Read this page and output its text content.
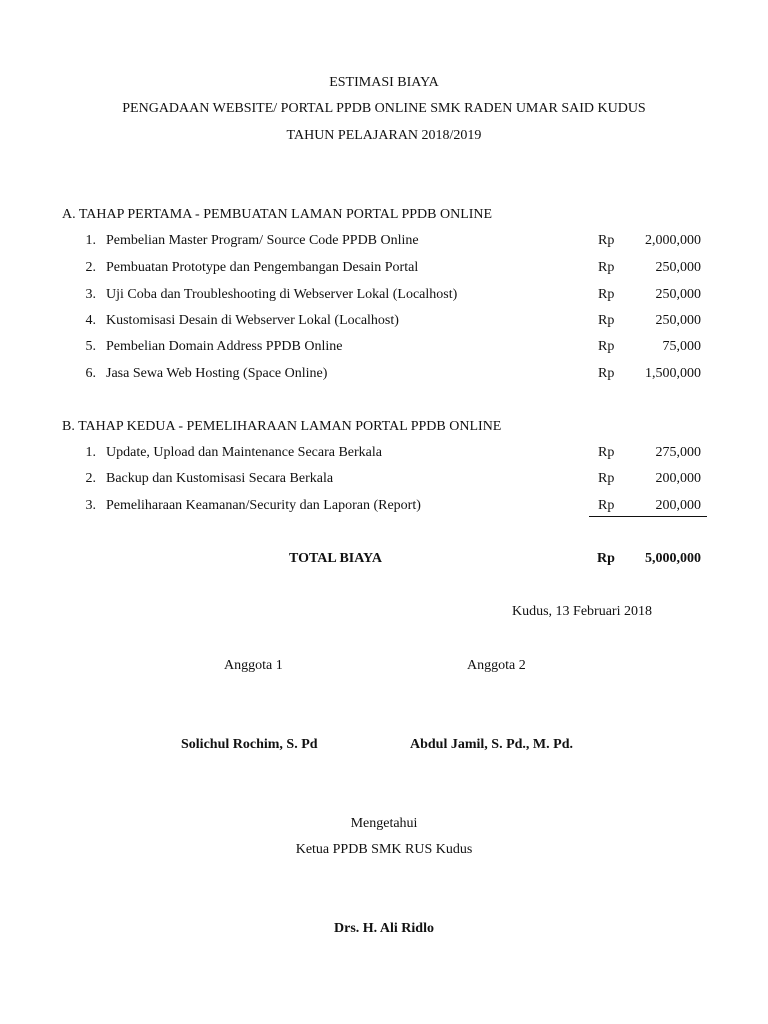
ESTIMASI BIAYA
PENGADAAN WEBSITE/ PORTAL PPDB ONLINE SMK RADEN UMAR SAID KUDUS
TAHUN PELAJARAN 2018/2019
A. TAHAP PERTAMA - PEMBUATAN LAMAN PORTAL PPDB ONLINE
1. Pembelian Master Program/ Source Code PPDB Online	Rp	2,000,000
2. Pembuatan Prototype dan Pengembangan Desain Portal	Rp	250,000
3. Uji Coba dan Troubleshooting di Webserver Lokal (Localhost)	Rp	250,000
4. Kustomisasi Desain di Webserver Lokal (Localhost)	Rp	250,000
5. Pembelian Domain Address PPDB Online	Rp	75,000
6. Jasa Sewa Web Hosting (Space Online)	Rp	1,500,000
B. TAHAP KEDUA - PEMELIHARAAN LAMAN PORTAL PPDB ONLINE
1. Update, Upload dan Maintenance Secara Berkala	Rp	275,000
2. Backup dan Kustomisasi Secara Berkala	Rp	200,000
3. Pemeliharaan Keamanan/Security dan Laporan (Report)	Rp	200,000
TOTAL BIAYA	Rp	5,000,000
Kudus, 13 Februari 2018
Anggota 1	Anggota 2
Solichul Rochim, S. Pd	Abdul Jamil, S. Pd., M. Pd.
Mengetahui
Ketua PPDB SMK RUS Kudus
Drs. H. Ali Ridlo
